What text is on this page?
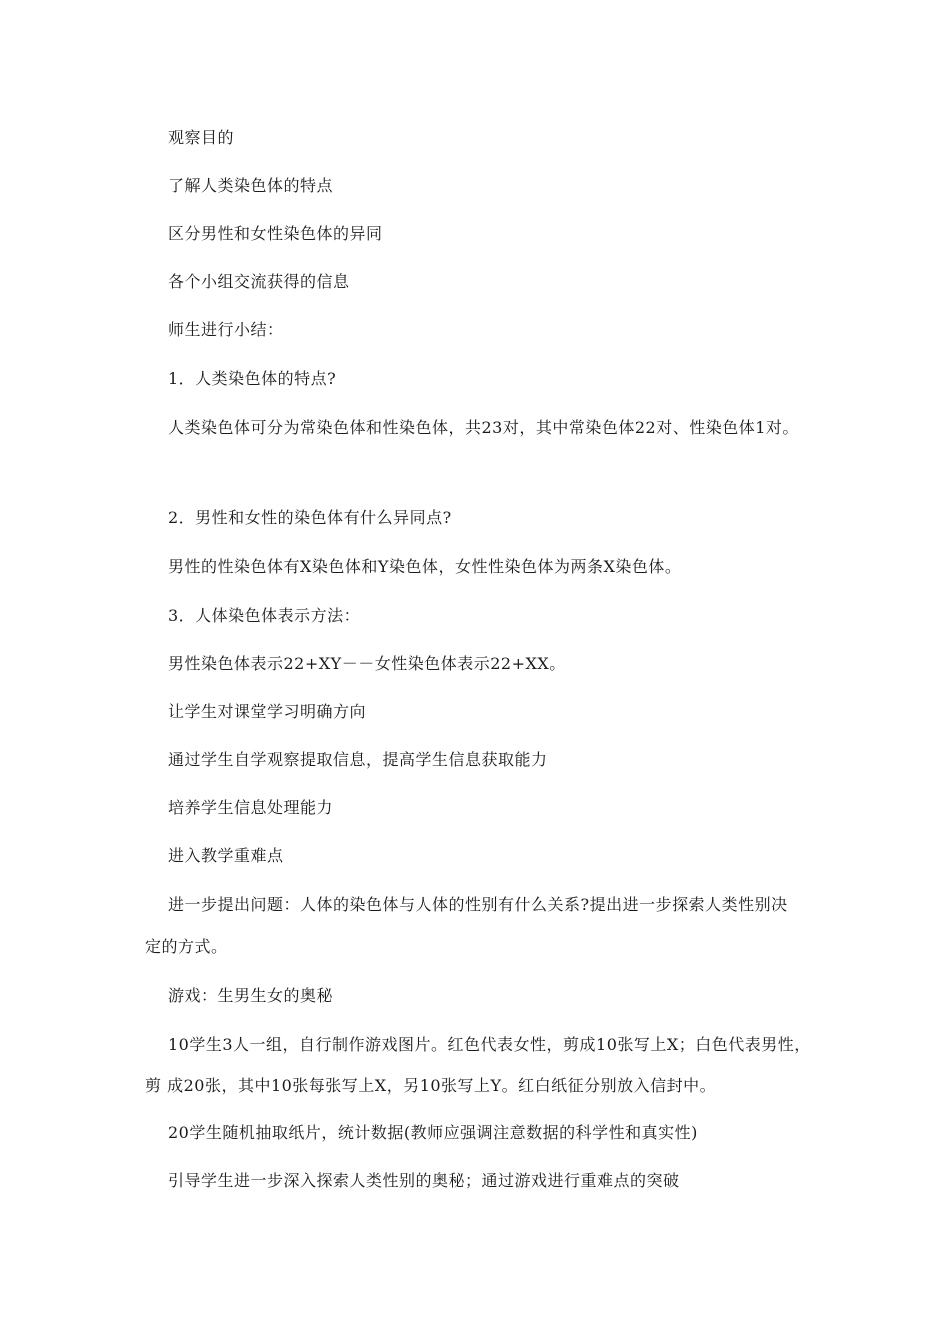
观察目的
了解人类染色体的特点
区分男性和女性染色体的异同
各个小组交流获得的信息
师生进行小结：
1．人类染色体的特点?
人类染色体可分为常染色体和性染色体，共23对，其中常染色体22对、性染色体1对。
2．男性和女性的染色体有什么异同点?
男性的性染色体有X染色体和Y染色体，女性性染色体为两条X染色体。
3．人体染色体表示方法：
男性染色体表示22+XY－－女性染色体表示22+XX。
让学生对课堂学习明确方向
通过学生自学观察提取信息，提高学生信息获取能力
培养学生信息处理能力
进入教学重难点
进一步提出问题：人体的染色体与人体的性别有什么关系?提出进一步探索人类性别决
定的方式。
游戏：生男生女的奥秘
10学生3人一组，自行制作游戏图片。红色代表女性，剪成10张写上X；白色代表男性，
剪 成20张，其中10张每张写上X，另10张写上Y。红白纸征分别放入信封中。
20学生随机抽取纸片，统计数据(教师应强调注意数据的科学性和真实性)
引导学生进一步深入探索人类性别的奥秘；通过游戏进行重难点的突破
